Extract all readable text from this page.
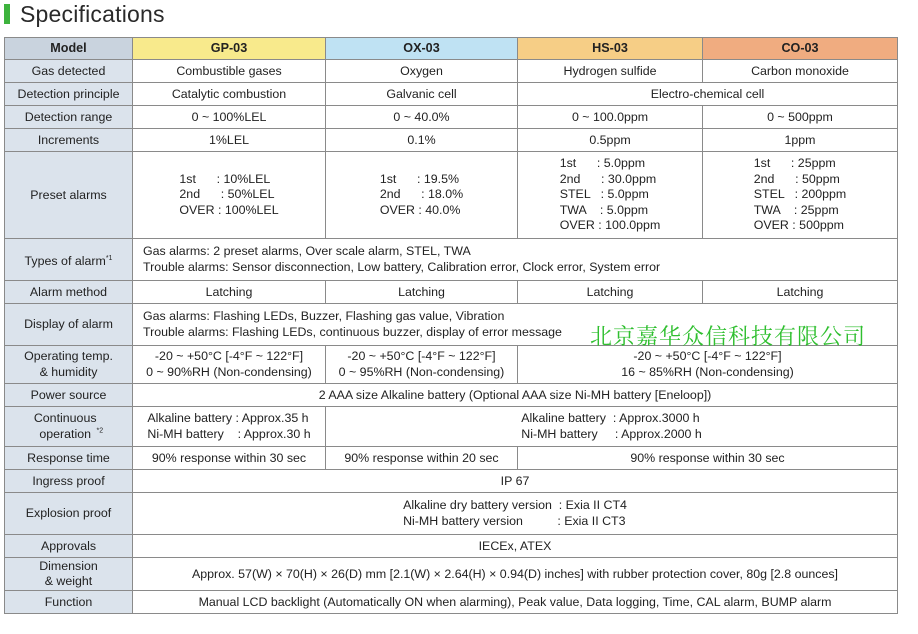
Specifications
Model	GP-03	OX-03	HS-03	CO-03
Gas detected	Combustible gases	Oxygen	Hydrogen sulfide	Carbon monoxide
Detection principle	Catalytic combustion	Galvanic cell	Electro-chemical cell	
Detection range	0 ~ 100%LEL	0 ~ 40.0%	0 ~ 100.0ppm	0 ~ 500ppm
Increments	1%LEL	0.1%	0.5ppm	1ppm
Preset alarms	1st      : 10%LEL
2nd      : 50%LEL
OVER : 100%LEL	1st      : 19.5%
2nd      : 18.0%
OVER : 40.0%	1st      : 5.0ppm
2nd      : 30.0ppm
STEL   : 5.0ppm
TWA    : 5.0ppm
OVER : 100.0ppm	1st      : 25ppm
2nd      : 50ppm
STEL   : 200ppm
TWA    : 25ppm
OVER : 500ppm
Types of alarm$^{*1}$	Gas alarms: 2 preset alarms, Over scale alarm, STEL, TWA
Trouble alarms: Sensor disconnection, Low battery, Calibration error, Clock error, System error			
Alarm method	Latching	Latching	Latching	Latching
Display of alarm	Gas alarms: Flashing LEDs, Buzzer, Flashing gas value, Vibration
Trouble alarms: Flashing LEDs, continuous buzzer, display of error message			
Operating temp.
& humidity	-20 ~ +50°C [-4°F ~ 122°F]
0 ~ 90%RH (Non-condensing)	-20 ~ +50°C [-4°F ~ 122°F]
0 ~ 95%RH (Non-condensing)	-20 ~ +50°C [-4°F ~ 122°F]
16 ~ 85%RH (Non-condensing)	
Power source	2 AAA size Alkaline battery (Optional AAA size Ni-MH battery [Eneloop])			
Continuous
operation $^{*2}$	Alkaline battery : Approx.35 h
Ni-MH battery    : Approx.30 h	Alkaline battery  : Approx.3000 h
Ni-MH battery     : Approx.2000 h		
Response time	90% response within 30 sec	90% response within 20 sec	90% response within 30 sec	
Ingress proof	IP 67			
Explosion proof	Alkaline dry battery version  : Exia II CT4
Ni-MH battery version          : Exia II CT3			
Approvals	IECEx, ATEX			
Dimension
& weight	Approx. 57(W) × 70(H) × 26(D) mm [2.1(W) × 2.64(H) × 0.94(D) inches] with rubber protection cover, 80g [2.8 ounces]			
Function	Manual LCD backlight (Automatically ON when alarming), Peak value, Data logging, Time, CAL alarm, BUMP alarm			
北京嘉华众信科技有限公司
